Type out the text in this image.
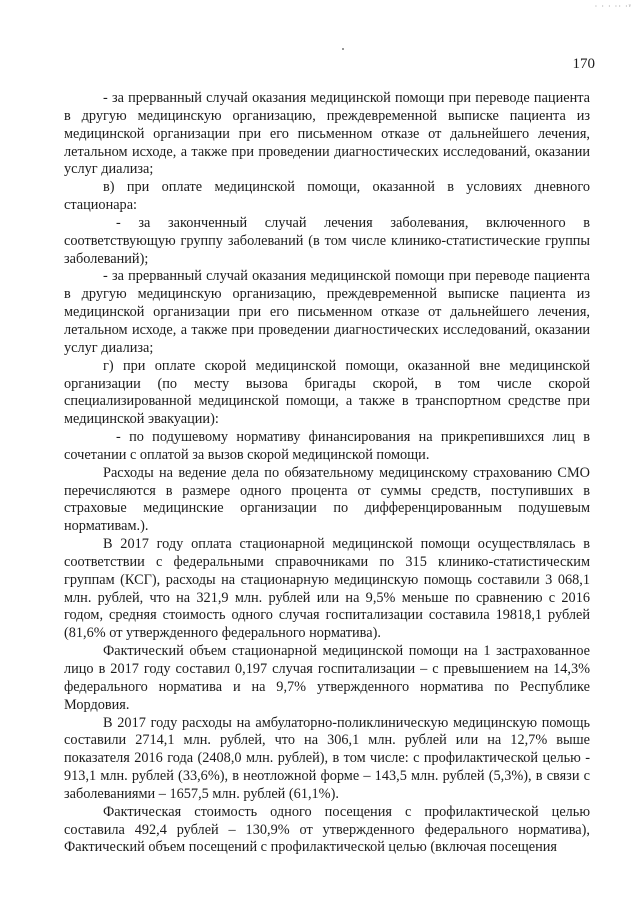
· · · ·· ·ᵛ
170

- за прерванный случай оказания медицинской помощи при переводе пациента в другую медицинскую организацию, преждевременной выписке пациента из медицинской организации при его письменном отказе от дальнейшего лечения, летальном исходе, а также при проведении диагностических исследований, оказании услуг диализа;

в) при оплате медицинской помощи, оказанной в условиях дневного стационара:

- за законченный случай лечения заболевания, включенного в соответствующую группу заболеваний (в том числе клинико-статистические группы заболеваний);

- за прерванный случай оказания медицинской помощи при переводе пациента в другую медицинскую организацию, преждевременной выписке пациента из медицинской организации при его письменном отказе от дальнейшего лечения, летальном исходе, а также при проведении диагностических исследований, оказании услуг диализа;

г) при оплате скорой медицинской помощи, оказанной вне медицинской организации (по месту вызова бригады скорой, в том числе скорой специализированной медицинской помощи, а также в транспортном средстве при медицинской эвакуации):

- по подушевому нормативу финансирования на прикрепившихся лиц в сочетании с оплатой за вызов скорой медицинской помощи.

Расходы на ведение дела по обязательному медицинскому страхованию СМО перечисляются в размере одного процента от суммы средств, поступивших в страховые медицинские организации по дифференцированным подушевым нормативам.).

В 2017 году оплата стационарной медицинской помощи осуществлялась в соответствии с федеральными справочниками по 315 клинико-статистическим группам (КСГ), расходы на стационарную медицинскую помощь составили 3 068,1 млн. рублей, что на 321,9 млн. рублей или на 9,5% меньше по сравнению с 2016 годом, средняя стоимость одного случая госпитализации составила 19818,1 рублей (81,6% от утвержденного федерального норматива).

Фактический объем стационарной медицинской помощи на 1 застрахованное лицо в 2017 году составил 0,197 случая госпитализации – с превышением на 14,3% федерального норматива и на 9,7% утвержденного норматива по Республике Мордовия.

В 2017 году расходы на амбулаторно-поликлиническую медицинскую помощь составили 2714,1 млн. рублей, что на 306,1 млн. рублей или на 12,7% выше показателя 2016 года (2408,0 млн. рублей), в том числе: с профилактической целью - 913,1 млн. рублей (33,6%), в неотложной форме – 143,5 млн. рублей (5,3%), в связи с заболеваниями – 1657,5 млн. рублей (61,1%).

Фактическая стоимость одного посещения с профилактической целью составила 492,4 рублей – 130,9% от утвержденного федерального норматива), Фактический объем посещений с профилактической целью (включая посещения
